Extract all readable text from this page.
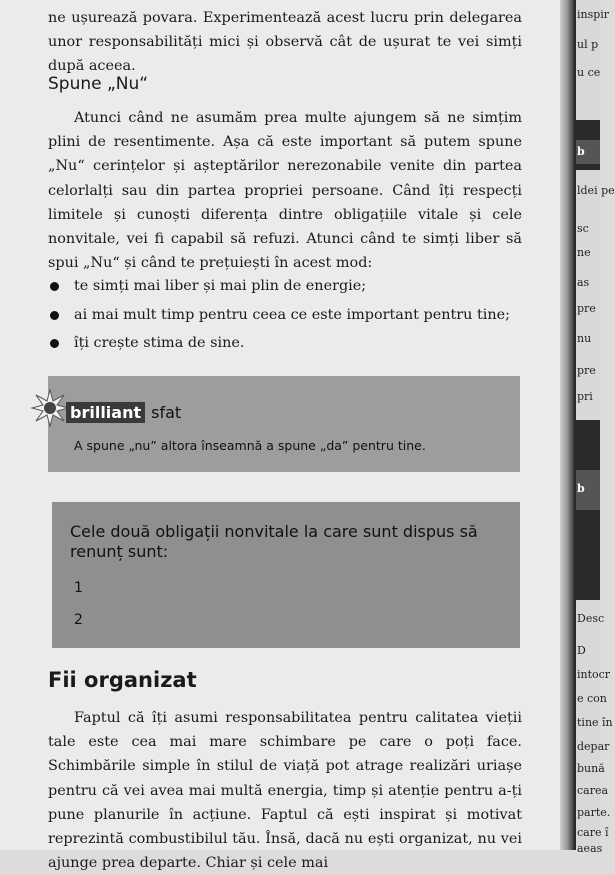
ne ușurează povara. Experimentează acest lucru prin delegarea unor responsabilități mici și observă cât de ușurat te vei simți după aceea.
Spune „Nu“
Atunci când ne asumăm prea multe ajungem să ne simțim plini de resentimente. Așa că este important să putem spune „Nu“ cerințelor și așteptărilor nerezonabile venite din partea celorlalți sau din partea propriei persoane. Când îți respecți limitele și cunoști diferența dintre obligațiile vitale și cele nonvitale, vei fi capabil să refuzi. Atunci când te simți liber să spui „Nu“ și când te prețuiești în acest mod:
te simți mai liber și mai plin de energie;
ai mai mult timp pentru ceea ce este important pentru tine;
îți crește stima de sine.
brilliant sfat
A spune „nu” altora înseamnă a spune „da” pentru tine.
Cele două obligații nonvitale la care sunt dispus să renunț sunt:
1
2
Fii organizat
Faptul că îți asumi responsabilitatea pentru calitatea vieții tale este cea mai mare schimbare pe care o poți face. Schimbările simple în stilul de viață pot atrage realizări uriașe pentru că vei avea mai multă energia, timp și atenție pentru a-ți pune planurile în acțiune. Faptul că ești inspirat și motivat reprezintă combustibilul tău. Însă, dacă nu ești organizat, nu vei ajunge prea departe. Chiar și cele mai
inspir
ul p
u ce
b
ldei pe
sc
ne
as
pre
nu
pre
pri
b
Desc
D
intocr
e con
tine în
depar
bună
carea
parte.
care î
aeas
